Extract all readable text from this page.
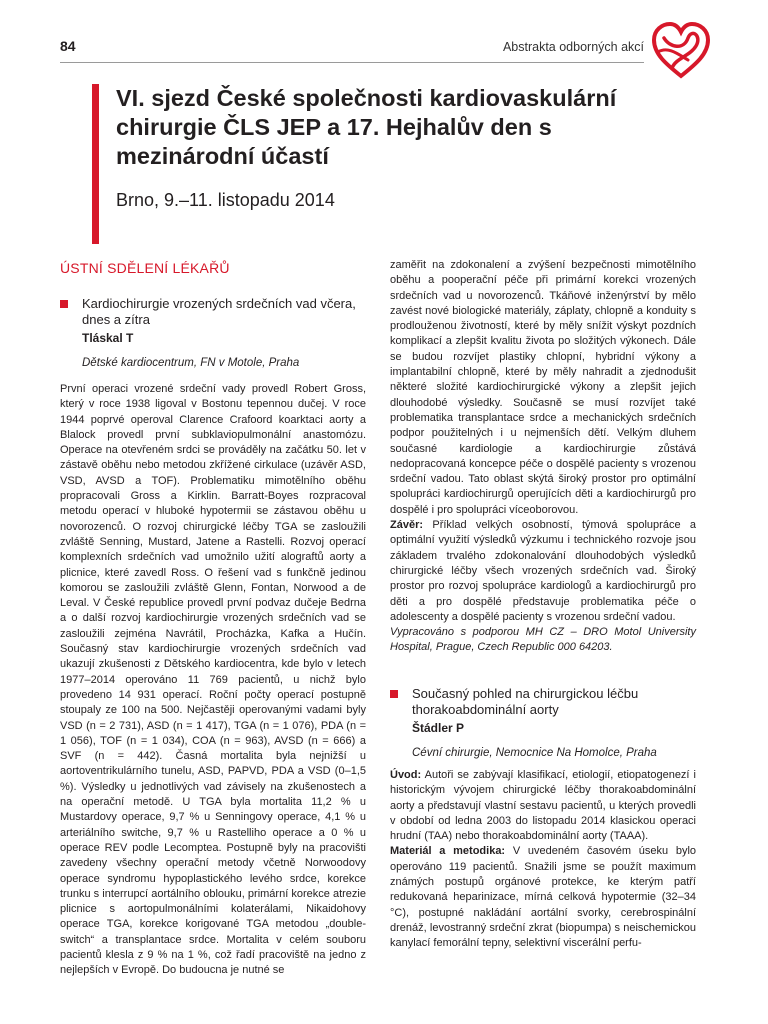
84	Abstrakta odborných akcí
VI. sjezd České společnosti kardiovaskulární chirurgie ČLS JEP a 17. Hejhalův den s mezinárodní účastí
Brno, 9.–11. listopadu 2014
ÚSTNÍ SDĚLENÍ LÉKAŘŮ
Kardiochirurgie vrozených srdečních vad včera, dnes a zítra
Tláskal T
Dětské kardiocentrum, FN v Motole, Praha

První operaci vrozené srdeční vady provedl Robert Gross, který v roce 1938 ligoval v Bostonu tepennou dučej. V roce 1944 poprvé operoval Clarence Crafoord koarktaci aorty a Blalock provedl první subklaviopulmonální anastomózu. Operace na otevřeném srdci se prováděly na začátku 50. let v zástavě oběhu nebo metodou zkřížené cirkulace (uzávěr ASD, VSD, AVSD a TOF). Problematiku mimotělního oběhu propracovali Gross a Kirklin. Barratt-Boyes rozpracoval metodu operací v hluboké hypotermii se zástavou oběhu u novorozenců. O rozvoj chirurgické léčby TGA se zasloužili zvláště Senning, Mustard, Jatene a Rastelli. Rozvoj operací komplexních srdečních vad umožnilo užití alograftů aorty a plicnice, které zavedl Ross. O řešení vad s funkčně jedinou komorou se zasloužili zvláště Glenn, Fontan, Norwood a de Leval. V České republice provedl první podvaz dučeje Bedrna a o další rozvoj kardiochirurgie vrozených srdečních vad se zasloužili zejména Navrátil, Procházka, Kafka a Hučín. Současný stav kardiochirurgie vrozených srdečních vad ukazují zkušenosti z Dětského kardiocentra, kde bylo v letech 1977–2014 operováno 11 769 pacientů, u nichž bylo provedeno 14 931 operací. Roční počty operací postupně stoupaly ze 100 na 500. Nejčastěji operovanými vadami byly VSD (n = 2 731), ASD (n = 1 417), TGA (n = 1 076), PDA (n = 1 056), TOF (n = 1 034), COA (n = 963), AVSD (n = 666) a SVF (n = 442). Časná mortalita byla nejnižší u aortoventrikulárního tunelu, ASD, PAPVD, PDA a VSD (0–1,5 %). Výsledky u jednotlivých vad závisely na zkušenostech a na operační metodě. U TGA byla mortalita 11,2 % u Mustardovy operace, 9,7 % u Senningovy operace, 4,1 % u arteriálního switche, 9,7 % u Rastelliho operace a 0 % u operace REV podle Lecomptea. Postupně byly na pracovišti zavedeny všechny operační metody včetně Norwoodovy operace syndromu hypoplastického levého srdce, korekce trunku s interrupcí aortálního oblouku, primární korekce atrezie plicnice s aortopulmonálními kolaterálami, Nikaidohovy operace TGA, korekce korigované TGA metodou „double-switch“ a transplantace srdce. Mortalita v celém souboru pacientů klesla z 9 % na 1 %, což řadí pracoviště na jedno z nejlepších v Evropě. Do budoucna je nutné se

zaměřit na zdokonalení a zvýšení bezpečnosti mimotělního oběhu a pooperační péče při primární korekci vrozených srdečních vad u novorozenců. Tkáňové inženýrství by mělo zavést nové biologické materiály, záplaty, chlopně a konduity s prodlouženou životností, které by měly snížit výskyt pozdních komplikací a zlepšit kvalitu života po složitých výkonech. Dále se budou rozvíjet plastiky chlopní, hybridní výkony a implantabilní chlopně, které by měly nahradit a zjednodušit některé složité kardiochirurgické výkony a zlepšit jejich dlouhodobé výsledky. Současně se musí rozvíjet také problematika transplantace srdce a mechanických srdečních podpor použitelných i u nejmenších dětí. Velkým dluhem současné kardiologie a kardiochirurgie zůstává nedopracovaná koncepce péče o dospělé pacienty s vrozenou srdeční vadou. Tato oblast skýtá široký prostor pro optimální spolupráci kardiochirurgů operujících děti a kardiochirurgů pro dospělé i pro spolupráci víceoborovou.

Závěr: Příklad velkých osobností, týmová spolupráce a optimální využití výsledků výzkumu i technického rozvoje jsou základem trvalého zdokonalování dlouhodobých výsledků chirurgické léčby všech vrozených srdečních vad. Široký prostor pro rozvoj spolupráce kardiologů a kardiochirurgů pro děti a pro dospělé představuje problematika péče o adolescenty a dospělé pacienty s vrozenou srdeční vadou.

Vypracováno s podporou MH CZ – DRO Motol University Hospital, Prague, Czech Republic 000 64203.

Současný pohled na chirurgickou léčbu thorakoabdominální aorty
Štádler P
Cévní chirurgie, Nemocnice Na Homolce, Praha

Úvod: Autoři se zabývají klasifikací, etiologií, etiopatogenezí i historickým vývojem chirurgické léčby thorakoabdominální aorty a představují vlastní sestavu pacientů, u kterých provedli v období od ledna 2003 do listopadu 2014 klasickou operaci hrudní (TAA) nebo thorakoabdominální aorty (TAAA).

Materiál a metodika: V uvedeném časovém úseku bylo operováno 119 pacientů. Snažili jsme se použít maximum známých postupů orgánové protekce, ke kterým patří redukovaná heparinizace, mírná celková hypotermie (32–34 °C), postupné nakládání aortální svorky, cerebrospinální drenáž, levostranný srdeční zkrat (biopumpa) s neischemickou kanylací femorální tepny, selektivní viscerální perfu-
